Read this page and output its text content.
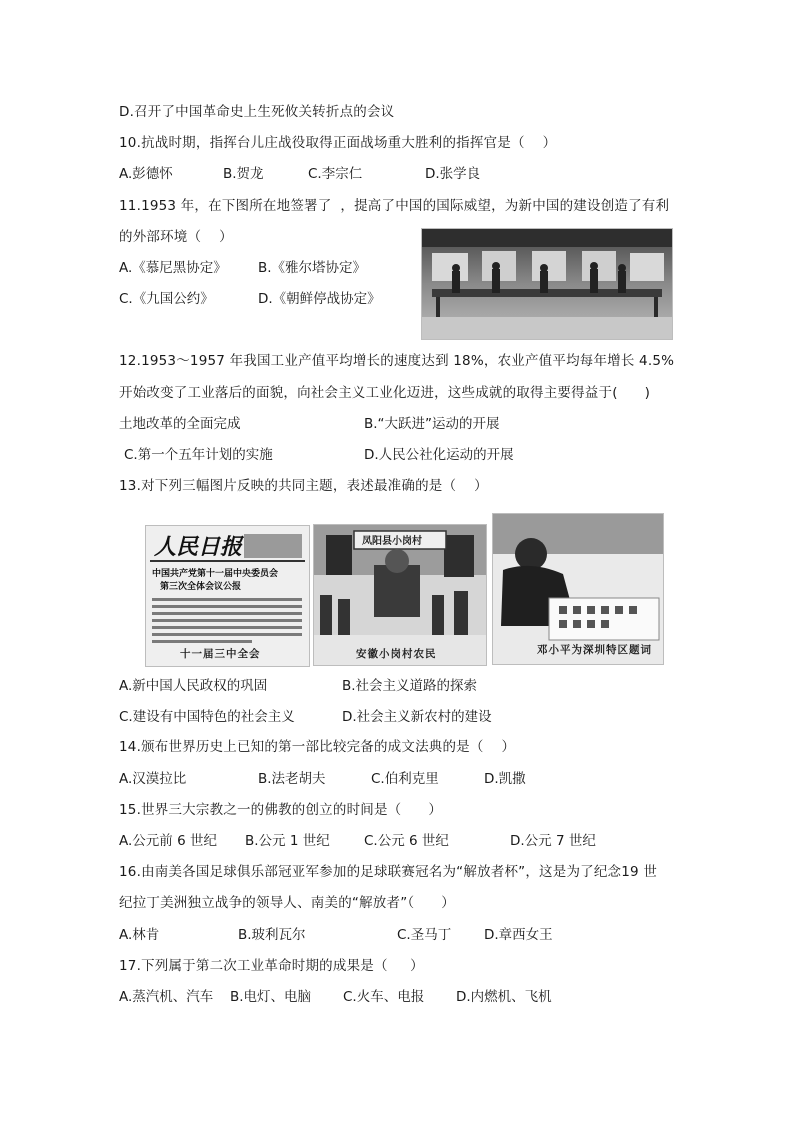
D.召开了中国革命史上生死攸关转折点的会议
10.抗战时期，指挥台儿庄战役取得正面战场重大胜利的指挥官是（    ）
A.彭德怀	B.贺龙	C.李宗仁	D.张学良
11.1953 年，在下图所在地签署了  ，提高了中国的国际威望，为新中国的建设创造了有利
的外部环境（    ）
A.《慕尼黑协定》 B.《雅尔塔协定》
C.《九国公约》	D.《朝鲜停战协定》
12.1953～1957 年我国工业产值平均增长的速度达到 18%，农业产值平均每年增长 4.5%
开始改变了工业落后的面貌，向社会主义工业化迈进，这些成就的取得主要得益于(      )
土地改革的全面完成	B.“大跃进”运动的开展
C.第一个五年计划的实施	D.人民公社化运动的开展
13.对下列三幅图片反映的共同主题，表述最准确的是（    ）
人民日报
中国共产党第十一届中央委员会
第三次全体会议公报
十一届三中全会
凤阳县小岗村
安徽小岗村农民	邓小平为深圳特区题词
A.新中国人民政权的巩固	B.社会主义道路的探索
C.建设有中国特色的社会主义	D.社会主义新农村的建设
14.颁布世界历史上已知的第一部比较完备的成文法典的是（    ）
A.汉漠拉比	B.法老胡夫	C.伯利克里	D.凯撒
15.世界三大宗教之一的佛教的创立的时间是（      ）
A.公元前 6 世纪 B.公元 1 世纪	C.公元 6 世纪	D.公元 7 世纪
16.由南美各国足球俱乐部冠亚军参加的足球联赛冠名为“解放者杯”，这是为了纪念19 世
纪拉丁美洲独立战争的领导人、南美的“解放者”（      ）
A.林肯	B.玻利瓦尔	C.圣马丁 D.章西女王
17.下列属于第二次工业革命时期的成果是（     ）
A.蒸汽机、汽车 B.电灯、电脑 C.火车、电报 D.内燃机、飞机
